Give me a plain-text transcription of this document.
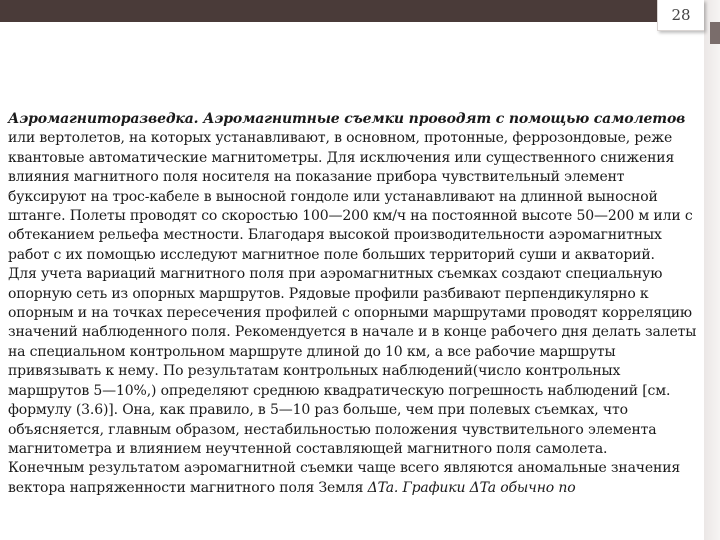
28

Аэромагниторазведка. Аэромагнитные съемки проводят с помощью самолетов
или вертолетов, на которых устанавливают, в основном, протонные, феррозондовые, реже квантовые автоматические магнитометры. Для исключения или существенного снижения влияния магнитного поля носителя на показание прибора чувствительный элемент буксируют на трос-кабеле в выносной гондоле или устанавливают на длинной выносной штанге. Полеты проводят со скоростью 100—200 км/ч на постоянной высоте 50—200 м или с обтеканием рельефа местности. Благодаря высокой производительности аэромагнитных работ с их помощью исследуют магнитное поле больших территорий суши и акваторий.

Для учета вариаций магнитного поля при аэромагнитных съемках создают специальную опорную сеть из опорных маршрутов. Рядовые профили разбивают перпендикулярно к опорным и на точках пересечения профилей с опорными маршрутами проводят корреляцию значений наблюденного поля. Рекомендуется в начале и в конце рабочего дня делать залеты на специальном контрольном маршруте длиной до 10 км, а все рабочие маршруты привязывать к нему. По результатам контрольных наблюдений(число контрольных маршрутов 5—10%,) определяют среднюю квадратическую погрешность наблюдений [см. формулу (3.6)]. Она, как правило, в 5—10 раз больше, чем при полевых съемках, что объясняется, главным образом, нестабильностью положения чувствительного элемента магнитометра и влиянием неучтенной составляющей магнитного поля самолета.

Конечным результатом аэромагнитной съемки чаще всего являются аномальные значения вектора напряженности магнитного поля Земля ΔTa. Графики ΔTa обычно по
